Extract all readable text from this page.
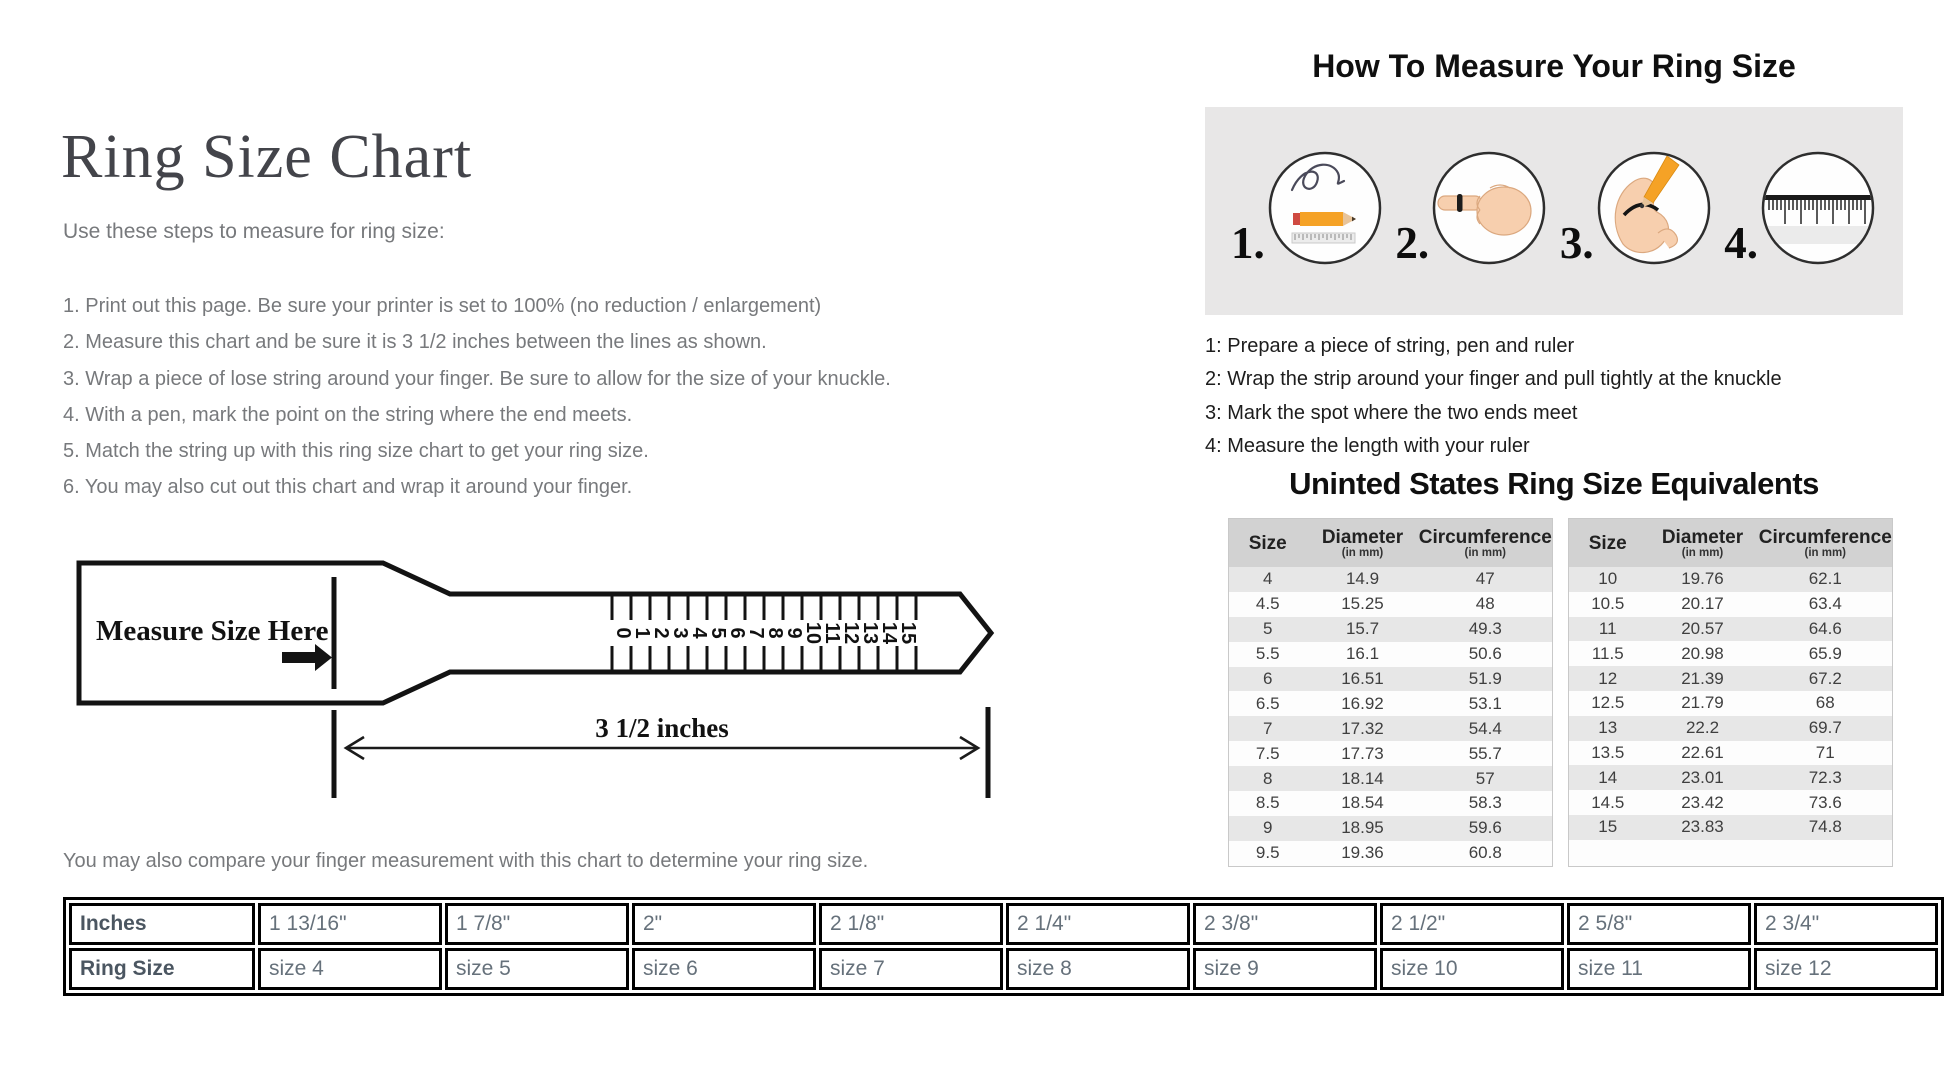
Ring Size Chart
Use these steps to measure for ring size:
1. Print out this page. Be sure your printer is set to 100% (no reduction / enlargement)
2. Measure this chart and be sure it is 3 1/2 inches between the lines as shown.
3. Wrap a piece of lose string around your finger. Be sure to allow for the size of your knuckle.
4. With a pen, mark the point on the string where the end meets.
5. Match the string up with this ring size chart to get your ring size.
6. You may also cut out this chart and wrap it around your finger.
Measure Size Here	0
1
2
3
4
5
6
7
8
9
10
11
12
13
14
15
3 1/2 inches
You may also compare your finger measurement with this chart to determine your ring size.
Inches	1 13/16"	1 7/8"	2"	2 1/8"	2 1/4"	2 3/8"	2 1/2"	2 5/8"	2 3/4"
Ring Size	size 4	size 5	size 6	size 7	size 8	size 9	size 10	size 11	size 12
How To Measure Your Ring Size
1.	2.	3.	4.
1: Prepare a piece of string, pen and ruler
2: Wrap the strip around your finger and pull tightly at the knuckle
3: Mark the spot where the two ends meet
4: Measure the length with your ruler
Uninted States Ring Size Equivalents
Size	Diameter
(in mm)

Circumference
(in mm)

4	14.9	47
4.5	15.25	48
5	15.7	49.3
5.5	16.1	50.6
6	16.51	51.9
6.5	16.92	53.1
7	17.32	54.4
7.5	17.73	55.7
8	18.14	57
8.5	18.54	58.3
9	18.95	59.6
9.5	19.36	60.8
Size	Diameter
(in mm)

Circumference
(in mm)

10	19.76	62.1
10.5	20.17	63.4
11	20.57	64.6
11.5	20.98	65.9
12	21.39	67.2
12.5	21.79	68
13	22.2	69.7
13.5	22.61	71
14	23.01	72.3
14.5	23.42	73.6
15	23.83	74.8
